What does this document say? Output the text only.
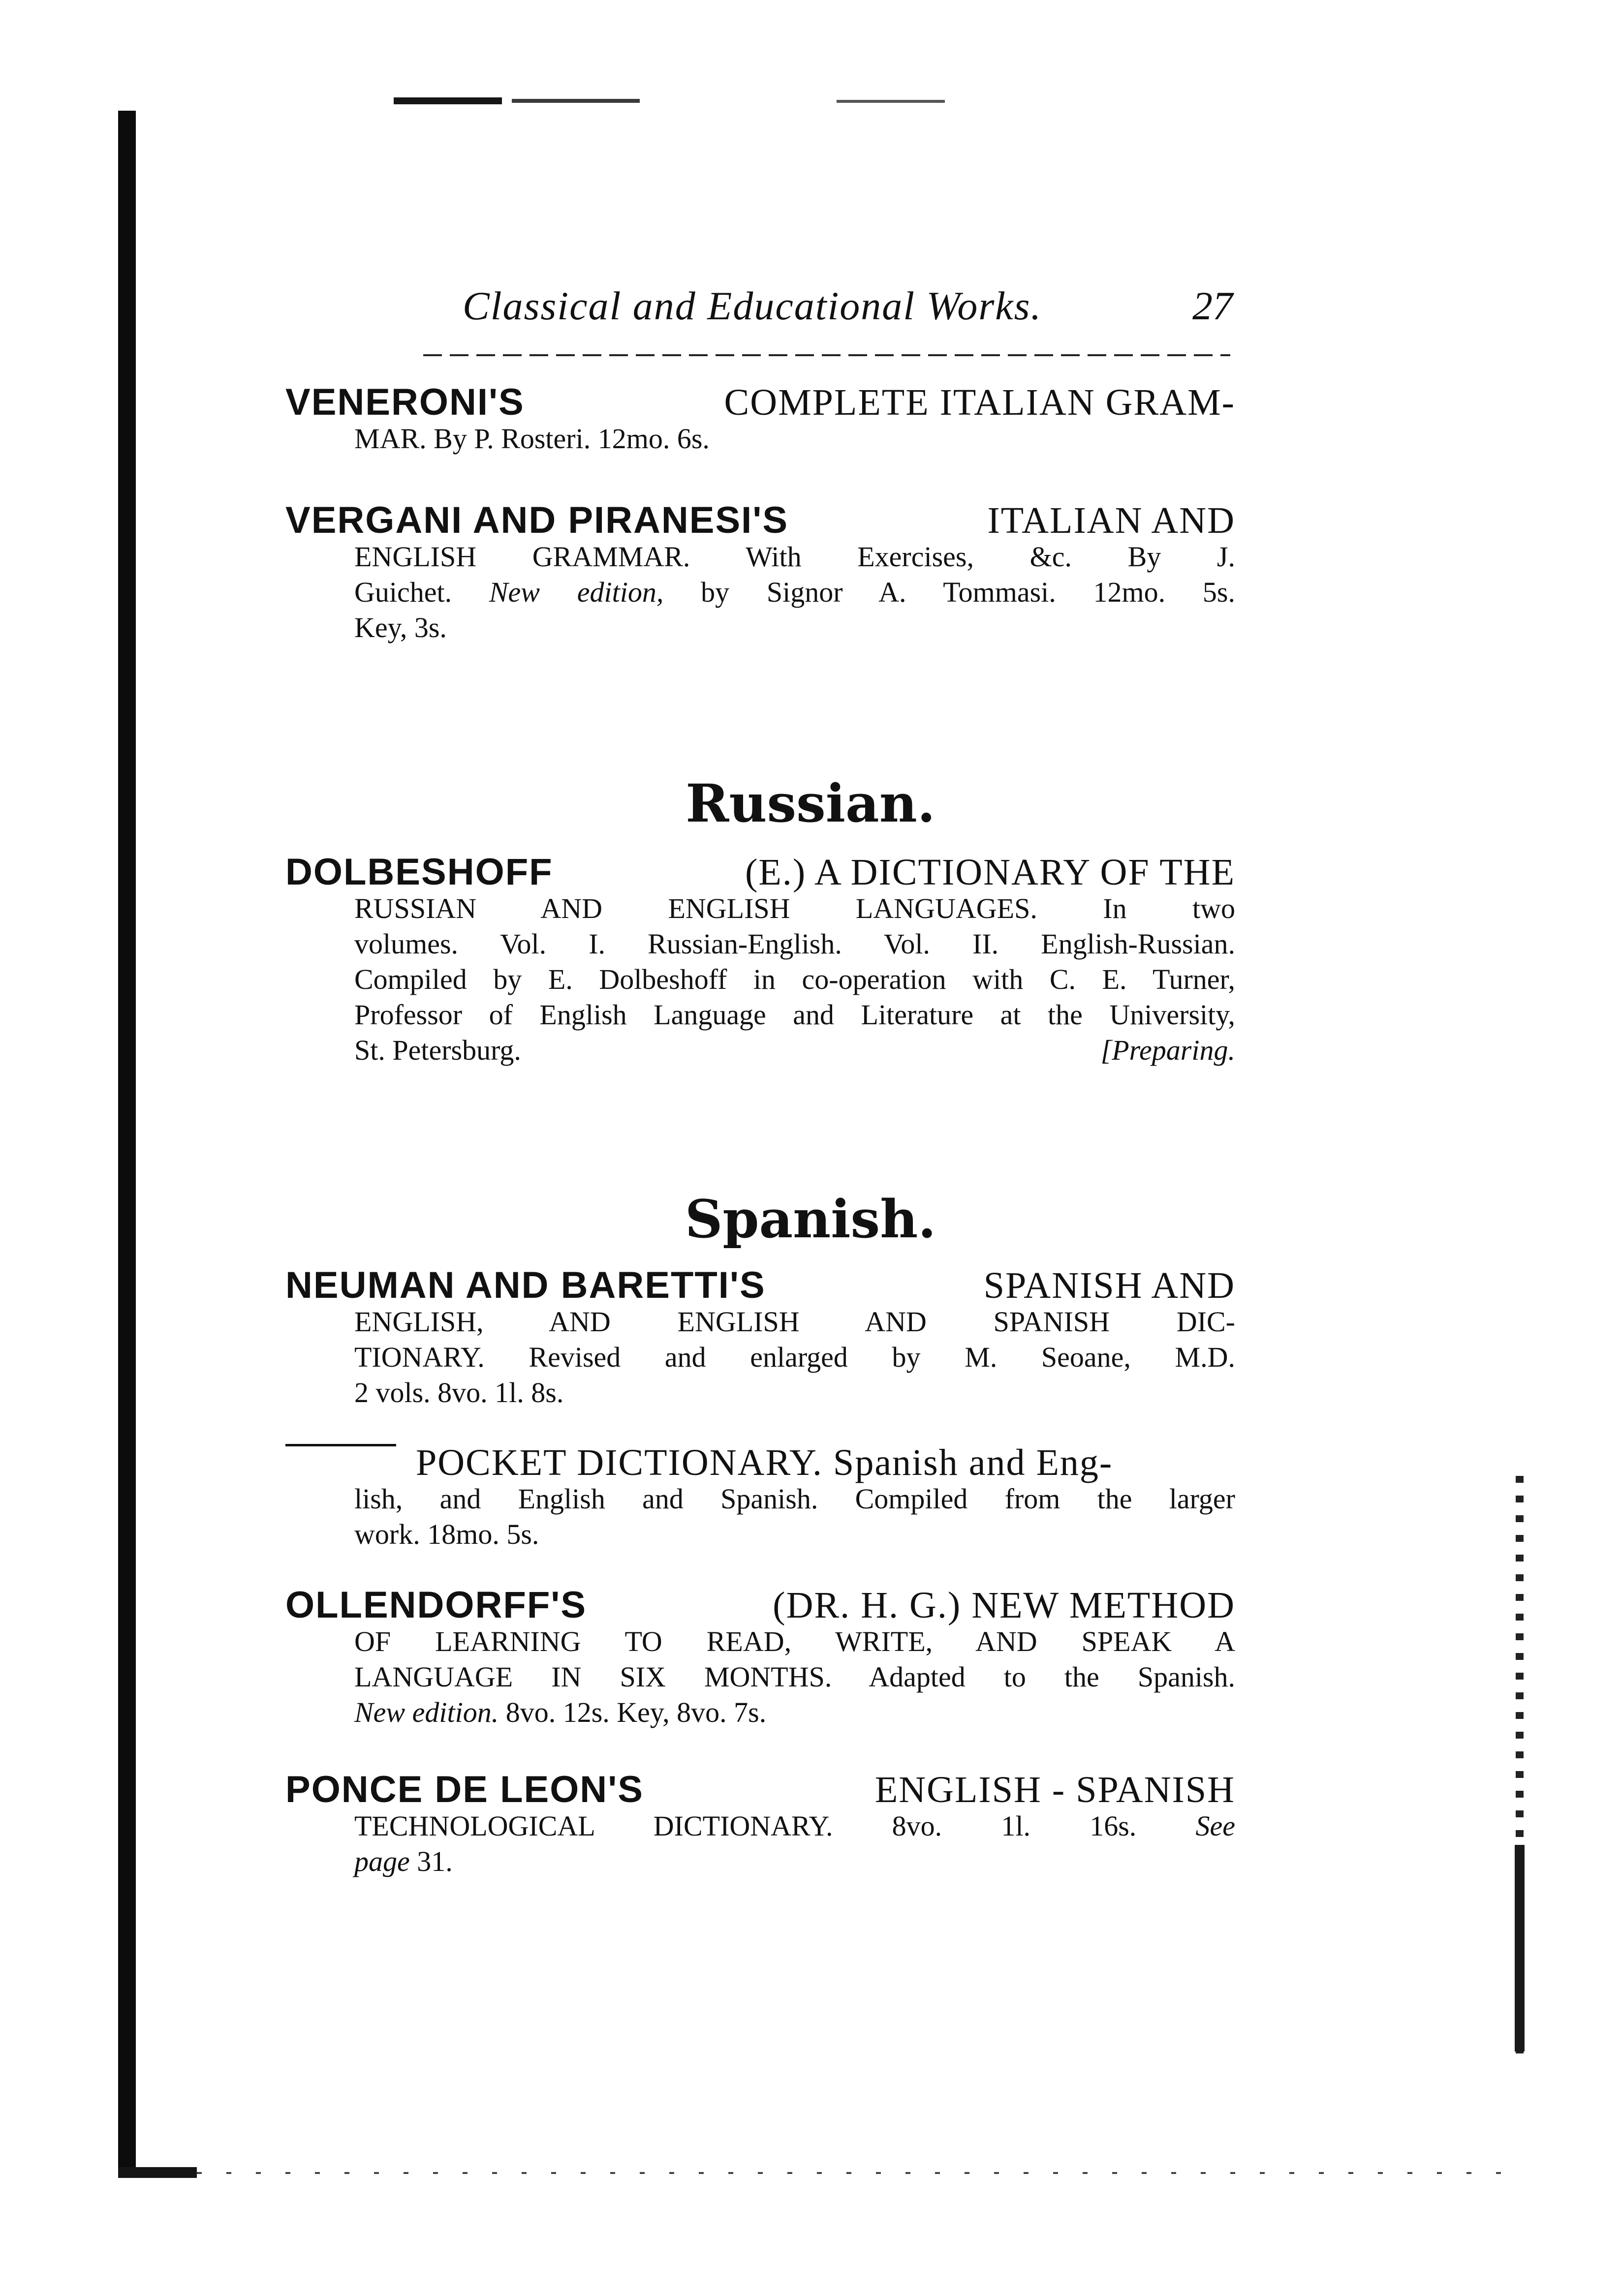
Classical and Educational Works.	27
VENERONI'S	COMPLETE ITALIAN GRAM-
MAR. By P. Rosteri. 12mo. 6s.
VERGANI AND PIRANESI'S	ITALIAN AND
ENGLISH GRAMMAR. With Exercises, &c. By J.
Guichet. New edition, by Signor A. Tommasi. 12mo. 5s.
Key, 3s.
Russian.
DOLBESHOFF	(E.) A DICTIONARY OF THE
RUSSIAN AND ENGLISH LANGUAGES. In two
volumes. Vol. I. Russian-English. Vol. II. English-Russian.
Compiled by E. Dolbeshoff in co-operation with C. E. Turner,
Professor of English Language and Literature at the University,
St. Petersburg.	[Preparing.
Spanish.
NEUMAN AND BARETTI'S	SPANISH AND
ENGLISH, AND ENGLISH AND SPANISH DIC-
TIONARY. Revised and enlarged by M. Seoane, M.D.
2 vols. 8vo. 1l. 8s.
POCKET DICTIONARY. Spanish and Eng-
lish, and English and Spanish. Compiled from the larger
work. 18mo. 5s.
OLLENDORFF'S	(DR. H. G.) NEW METHOD
OF LEARNING TO READ, WRITE, AND SPEAK A
LANGUAGE IN SIX MONTHS. Adapted to the Spanish.
New edition. 8vo. 12s. Key, 8vo. 7s.
PONCE DE LEON'S	ENGLISH - SPANISH
TECHNOLOGICAL DICTIONARY. 8vo. 1l. 16s. See
page 31.
